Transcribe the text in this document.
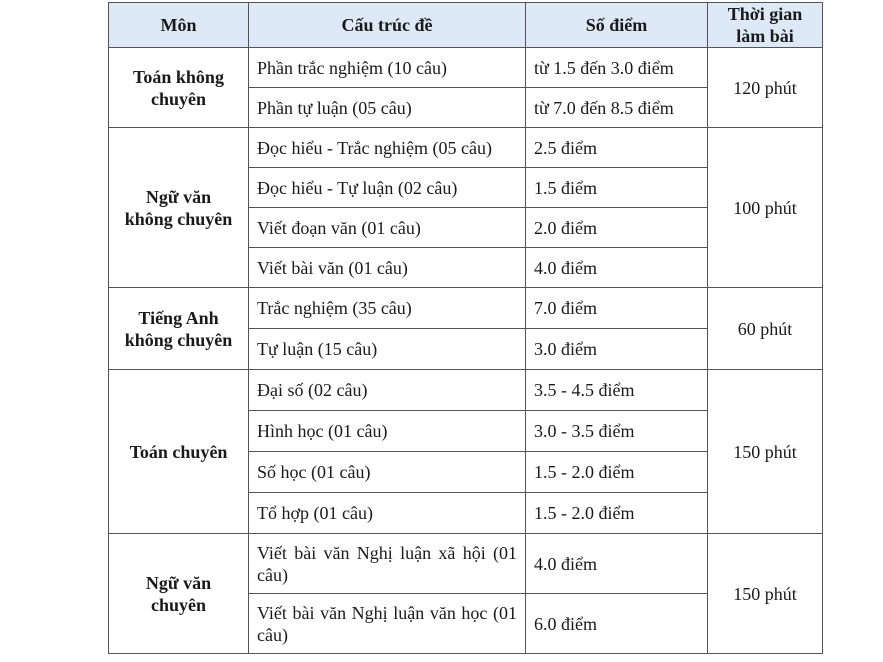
Môn	Cấu trúc đề	Số điểm	Thời gian
làm bài

Toán không
chuyên	Phần trắc nghiệm (10 câu)	từ 1.5 đến 3.0 điểm	120 phút
	Phần tự luận (05 câu)	từ 7.0 đến 8.5 điểm	

Ngữ văn
không chuyên	Đọc hiểu - Trắc nghiệm (05 câu)	2.5 điểm	100 phút
	Đọc hiểu - Tự luận (02 câu)	1.5 điểm	
	Viết đoạn văn (01 câu)	2.0 điểm	
	Viết bài văn (01 câu)	4.0 điểm	

Tiếng Anh
không chuyên	Trắc nghiệm (35 câu)	7.0 điểm	60 phút
	Tự luận (15 câu)	3.0 điểm	

Toán chuyên	Đại số (02 câu)	3.5 - 4.5 điểm	150 phút
	Hình học (01 câu)	3.0 - 3.5 điểm	
	Số học (01 câu)	1.5 - 2.0 điểm	
	Tổ hợp (01 câu)	1.5 - 2.0 điểm	

Ngữ văn
chuyên	Viết bài văn Nghị luận xã hội (01 câu)	4.0 điểm	150 phút
	Viết bài văn Nghị luận văn học (01 câu)	6.0 điểm	
